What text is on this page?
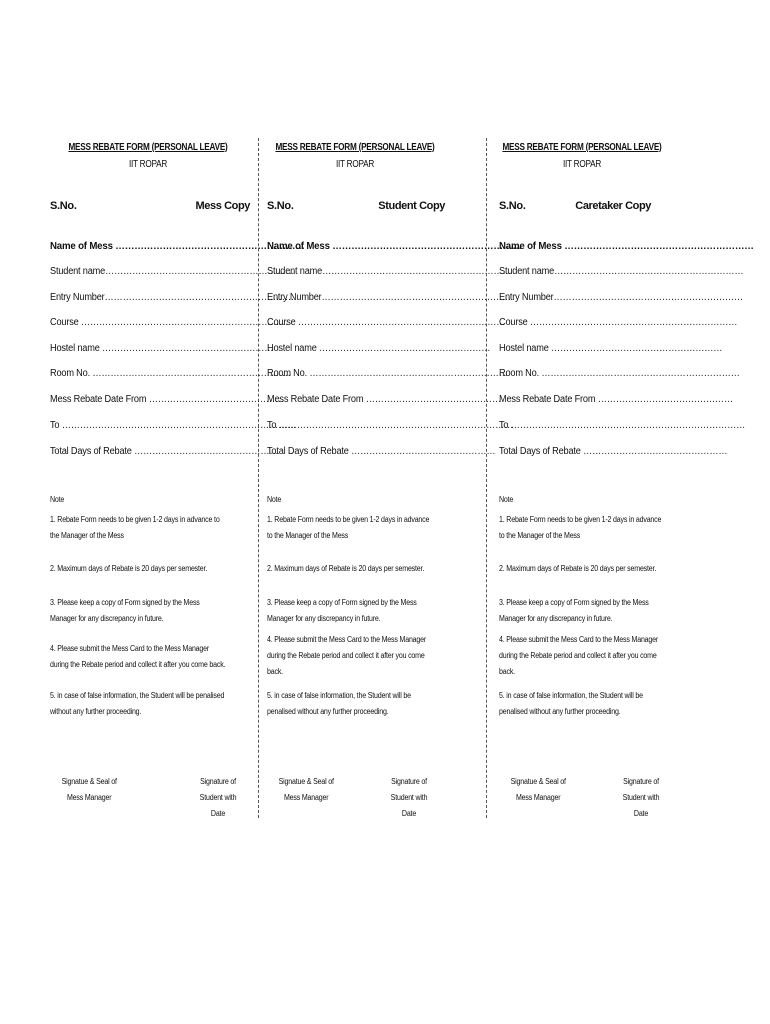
MESS REBATE FORM (PERSONAL LEAVE)
IIT ROPAR
S.No.	Mess Copy
Name of Mess ……………………………………………………
Student name………………………………………………………
Entry Number………………………………………………………
Course ……………………………………………………………
Hostel name …………………………………………………
Room No. …………………………………………………………
Mess Rebate Date From ………………………………………
To ……………………………………………………………………
Total Days of Rebate …………………………………………
Note
1. Rebate Form needs to be given 1-2 days in advance to the Manager of the Mess
2. Maximum days of Rebate is 20 days per semester.
3. Please keep a copy of Form signed by the Mess Manager for any discrepancy in future.
4. Please submit the Mess Card to the Mess Manager during the Rebate period and collect it after you come back.
5. in case of false information, the Student will be penalised without any further proceeding.
Signatue & Seal of Mess Manager
Signature of Student with Date
MESS REBATE FORM (PERSONAL LEAVE)
IIT ROPAR
S.No.	Student Copy
Name of Mess ……………………………………………………
Student name………………………………………………………
Entry Number………………………………………………………
Course ……………………………………………………………
Hostel name …………………………………………………
Room No. …………………………………………………………
Mess Rebate Date From ………………………………………
To ……………………………………………………………………
Total Days of Rebate …………………………………………
Note
1. Rebate Form needs to be given 1-2 days in advance to the Manager of the Mess
2. Maximum days of Rebate is 20 days per semester.
3. Please keep a copy of Form signed by the Mess Manager for any discrepancy in future.
4. Please submit the Mess Card to the Mess Manager during the Rebate period and collect it after you come back.
5. in case of false information, the Student will be penalised without any further proceeding.
Signatue & Seal of Mess Manager
Signature of Student with Date
MESS REBATE FORM (PERSONAL LEAVE)
IIT ROPAR
S.No.	Caretaker Copy
Name of Mess ……………………………………………………
Student name………………………………………………………
Entry Number………………………………………………………
Course ……………………………………………………………
Hostel name …………………………………………………
Room No. …………………………………………………………
Mess Rebate Date From ………………………………………
To ……………………………………………………………………
Total Days of Rebate …………………………………………
Note
1. Rebate Form needs to be given 1-2 days in advance to the Manager of the Mess
2. Maximum days of Rebate is 20 days per semester.
3. Please keep a copy of Form signed by the Mess Manager for any discrepancy in future.
4. Please submit the Mess Card to the Mess Manager during the Rebate period and collect it after you come back.
5. in case of false information, the Student will be penalised without any further proceeding.
Signatue & Seal of Mess Manager
Signature of Student with Date
